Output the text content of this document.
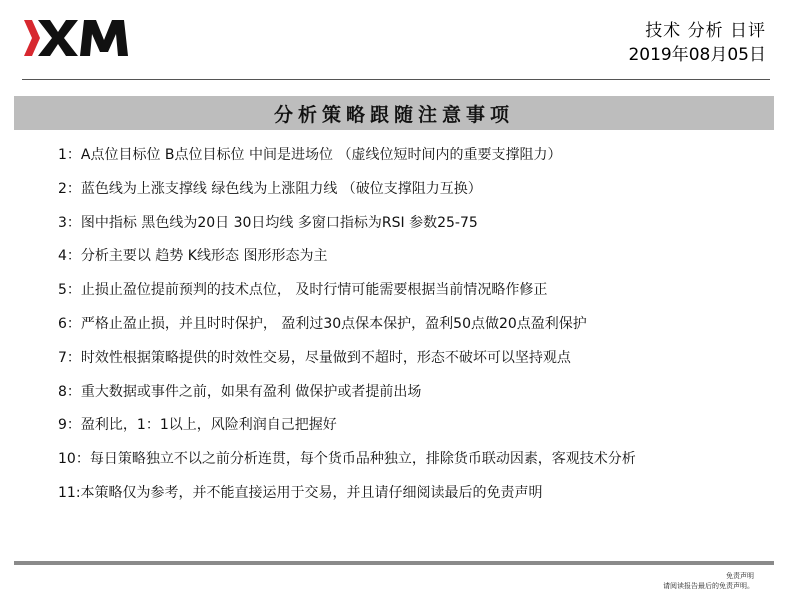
技术 分析 日评
2019年08月05日
分析策略跟随注意事项
1：A点位目标位 B点位目标位 中间是进场位 （虚线位短时间内的重要支撑阻力）
2：蓝色线为上涨支撑线 绿色线为上涨阻力线 （破位支撑阻力互换）
3：图中指标 黑色线为20日 30日均线 多窗口指标为RSI 参数25-75
4：分析主要以 趋势 K线形态 图形形态为主
5：止损止盈位提前预判的技术点位， 及时行情可能需要根据当前情况略作修正
6：严格止盈止损，并且时时保护， 盈利过30点保本保护，盈利50点做20点盈利保护
7：时效性根据策略提供的时效性交易，尽量做到不超时，形态不破坏可以坚持观点
8：重大数据或事件之前，如果有盈利 做保护或者提前出场
9：盈利比，1：1以上，风险利润自己把握好
10：每日策略独立不以之前分析连贯，每个货币品种独立，排除货币联动因素，客观技术分析
11:本策略仅为参考，并不能直接运用于交易，并且请仔细阅读最后的免责声明
免责声明
请阅读报告最后的免责声明。
